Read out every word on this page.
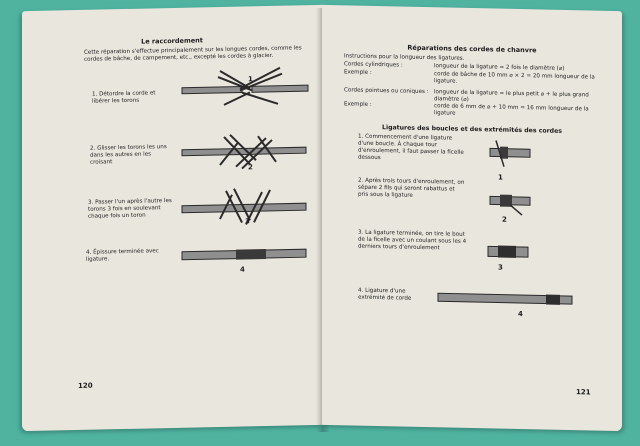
Le raccordement
Cette réparation s'effectue principalement sur les longues cordes, comme les cordes de bâche, de campement, etc., excepté les cordes à glacier.
1. Détordre la corde et libérer les torons
1
2. Glisser les torons les uns dans les autres en les croisant
2
3. Passer l'un après l'autre les torons 3 fois en soulevant chaque fois un toron
3
4. Épissure terminée avec ligature.
4
120
Réparations des cordes de chanvre
Instructions pour la longueur des ligatures.
Cordes cylindriques :	longueur de la ligature = 2 fois le diamètre (⌀)
Exemple :	corde de bâche de 10 mm ⌀ × 2 = 20 mm longueur de la ligature.
Cordes pointues ou coniques : longueur de la ligature = le plus petit ⌀ + le plus grand diamètre (⌀)
Exemple :	corde de 6 mm de ⌀ + 10 mm = 16 mm longueur de la ligature
Ligatures des boucles et des extrémités des cordes
1. Commencement d'une ligature d'une boucle. À chaque tour d'enroulement, il faut passer la ficelle dessous
1
2. Après trois tours d'enroulement, on sépare 2 fils qui seront rabattus et pris sous la ligature
2
3. La ligature terminée, on tire le bout de la ficelle avec un coulant sous les 4 derniers tours d'enroulement
3
4. Ligature d'une extrémité de corde
4
121
